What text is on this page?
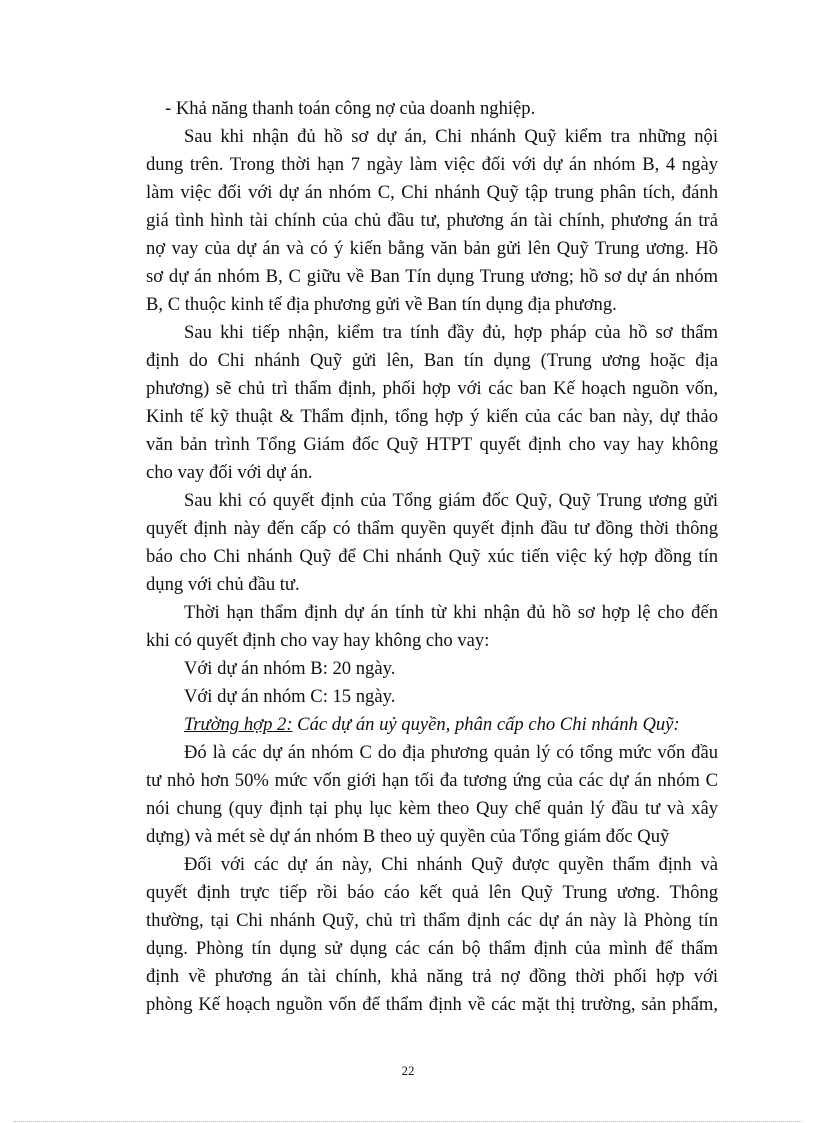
- Khả năng thanh toán công nợ của doanh nghiệp.
Sau khi nhận đủ hồ sơ dự án, Chi nhánh Quỹ kiểm tra những nội
dung trên. Trong thời hạn 7 ngày làm việc đối với dự án nhóm B, 4 ngày
làm việc đối với dự án nhóm C, Chi nhánh Quỹ tập trung phân tích, đánh
giá tình hình tài chính của chủ đầu tư, phương án tài chính, phương án trả
nợ vay của dự án và có ý kiến bằng văn bản gửi lên Quỹ Trung ương. Hồ
sơ dự án nhóm B, C giữu về Ban Tín dụng Trung ương; hồ sơ dự án nhóm
B, C thuộc kinh tế địa phương gửi về Ban tín dụng địa phương.
Sau khi tiếp nhận, kiểm tra tính đầy đủ, hợp pháp của hồ sơ thẩm
định do Chi nhánh Quỹ gửi lên, Ban tín dụng (Trung ương hoặc địa
phương) sẽ chủ trì thẩm định, phối hợp với các ban Kế hoạch nguồn vốn,
Kinh tế kỹ thuật & Thẩm định, tổng hợp ý kiến của các ban này, dự thảo
văn bản trình Tổng Giám đốc Quỹ HTPT quyết định cho vay hay không
cho vay đối với dự án.
Sau khi có quyết định của Tổng giám đốc Quỹ, Quỹ Trung ương gửi
quyết định này đến cấp có thẩm quyền quyết định đầu tư đồng thời thông
báo cho Chi nhánh Quỹ để Chi nhánh Quỹ xúc tiến việc ký hợp đồng tín
dụng với chủ đầu tư.
Thời hạn thẩm định dự án tính từ khi nhận đủ hồ sơ hợp lệ cho đến
khi có quyết định cho vay hay không cho vay:
Với dự án nhóm B: 20 ngày.
Với dự án nhóm C: 15 ngày.
Trường hợp 2: Các dự án uỷ quyền, phân cấp cho Chi nhánh Quỹ:
Đó là các dự án nhóm C do địa phương quản lý có tổng mức vốn đầu
tư nhỏ hơn 50% mức vốn giới hạn tối đa tương ứng của các dự án nhóm C
nói chung (quy định tại phụ lục kèm theo Quy chế quản lý đầu tư và xây
dựng) và mét sè dự án nhóm B theo uỷ quyền của Tổng giám đốc Quỹ
Đối với các dự án này, Chi nhánh Quỹ được quyền thẩm định và
quyết định trực tiếp rồi báo cáo kết quả lên Quỹ Trung ương. Thông
thường, tại Chi nhánh Quỹ, chủ trì thẩm định các dự án này là Phòng tín
dụng. Phòng tín dụng sử dụng các cán bộ thẩm định của mình để thẩm
định về phương án tài chính, khả năng trả nợ đồng thời phối hợp với
phòng Kế hoạch nguồn vốn để thẩm định về các mặt thị trường, sản phẩm,
22
